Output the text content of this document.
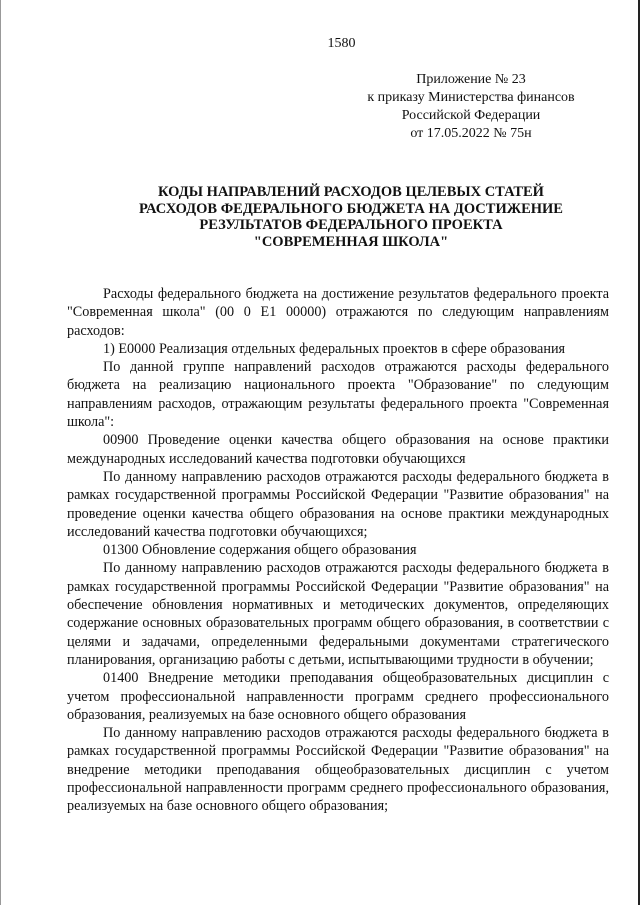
1580
Приложение № 23
к приказу Министерства финансов
Российской Федерации
от 17.05.2022 № 75н
КОДЫ НАПРАВЛЕНИЙ РАСХОДОВ ЦЕЛЕВЫХ СТАТЕЙ
РАСХОДОВ ФЕДЕРАЛЬНОГО БЮДЖЕТА НА ДОСТИЖЕНИЕ
РЕЗУЛЬТАТОВ ФЕДЕРАЛЬНОГО ПРОЕКТА
"СОВРЕМЕННАЯ ШКОЛА"

Расходы федерального бюджета на достижение результатов федерального проекта "Современная школа" (00 0 Е1 00000) отражаются по следующим направлениям расходов:

1) Е0000 Реализация отдельных федеральных проектов в сфере образования

По данной группе направлений расходов отражаются расходы федерального бюджета на реализацию национального проекта "Образование" по следующим направлениям расходов, отражающим результаты федерального проекта "Современная школа":

00900 Проведение оценки качества общего образования на основе практики международных исследований качества подготовки обучающихся

По данному направлению расходов отражаются расходы федерального бюджета в рамках государственной программы Российской Федерации "Развитие образования" на проведение оценки качества общего образования на основе практики международных исследований качества подготовки обучающихся;

01300 Обновление содержания общего образования

По данному направлению расходов отражаются расходы федерального бюджета в рамках государственной программы Российской Федерации "Развитие образования" на обеспечение обновления нормативных и методических документов, определяющих содержание основных образовательных программ общего образования, в соответствии с целями и задачами, определенными федеральными документами стратегического планирования, организацию работы с детьми, испытывающими трудности в обучении;

01400 Внедрение методики преподавания общеобразовательных дисциплин с учетом профессиональной направленности программ среднего профессионального образования, реализуемых на базе основного общего образования

По данному направлению расходов отражаются расходы федерального бюджета в рамках государственной программы Российской Федерации "Развитие образования" на внедрение методики преподавания общеобразовательных дисциплин с учетом профессиональной направленности программ среднего профессионального образования, реализуемых на базе основного общего образования;
